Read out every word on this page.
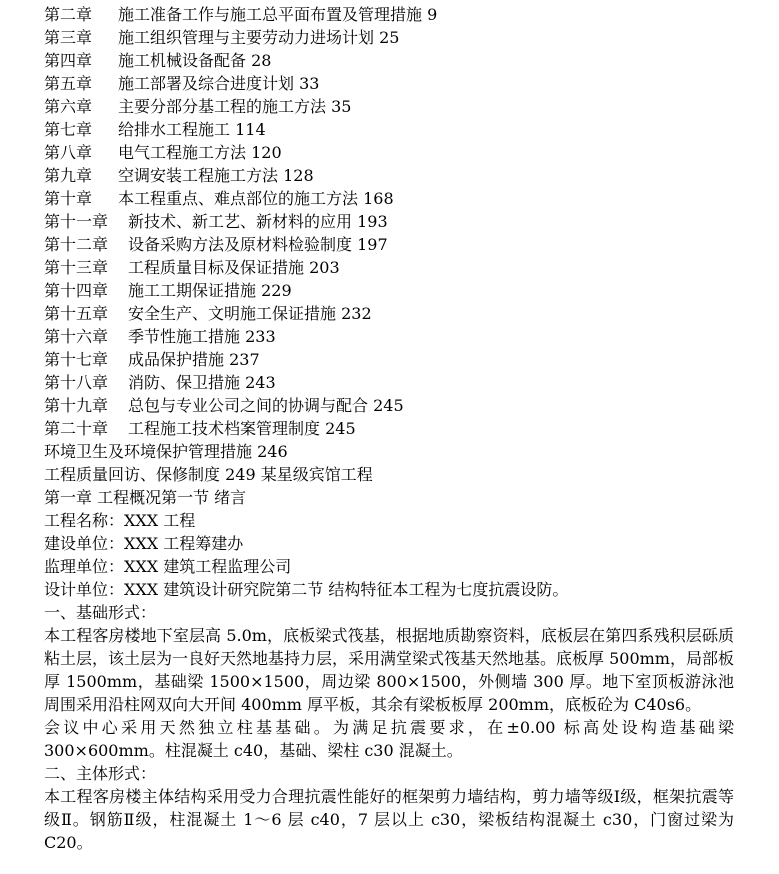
第二章	施工准备工作与施工总平面布置及管理措施 9
第三章	施工组织管理与主要劳动力进场计划 25
第四章	施工机械设备配备 28
第五章	施工部署及综合进度计划 33
第六章	主要分部分基工程的施工方法 35
第七章	给排水工程施工 114
第八章	电气工程施工方法 120
第九章	空调安装工程施工方法 128
第十章	本工程重点、难点部位的施工方法 168
第十一章	新技术、新工艺、新材料的应用 193
第十二章	设备采购方法及原材料检验制度 197
第十三章	工程质量目标及保证措施 203
第十四章	施工工期保证措施 229
第十五章	安全生产、文明施工保证措施 232
第十六章	季节性施工措施 233
第十七章	成品保护措施 237
第十八章	消防、保卫措施 243
第十九章	总包与专业公司之间的协调与配合 245
第二十章	工程施工技术档案管理制度 245
环境卫生及环境保护管理措施 246
工程质量回访、保修制度 249 某星级宾馆工程
第一章 工程概况第一节 绪言
工程名称：XXX 工程
建设单位：XXX 工程筹建办
监理单位：XXX 建筑工程监理公司
设计单位：XXX 建筑设计研究院第二节 结构特征本工程为七度抗震设防。
一、基础形式：
本工程客房楼地下室层高 5.0m，底板梁式筏基，根据地质勘察资料，底板层在第四系残积层砾质粘土层，该土层为一良好天然地基持力层，采用满堂梁式筏基天然地基。底板厚 500mm，局部板厚 1500mm，基础梁 1500×1500，周边梁 800×1500，外侧墙 300 厚。地下室顶板游泳池周围采用沿柱网双向大开间 400mm 厚平板，其余有梁板板厚 200mm，底板砼为 C40s6。
会议中心采用天然独立柱基基础。为满足抗震要求，在±0.00 标高处设构造基础梁 300×600mm。柱混凝土 c40，基础、梁柱 c30 混凝土。
二、主体形式：
本工程客房楼主体结构采用受力合理抗震性能好的框架剪力墙结构，剪力墙等级Ⅰ级，框架抗震等级Ⅱ。钢筋Ⅱ级，柱混凝土 1～6 层 c40，7 层以上 c30，梁板结构混凝土 c30，门窗过梁为 C20。
